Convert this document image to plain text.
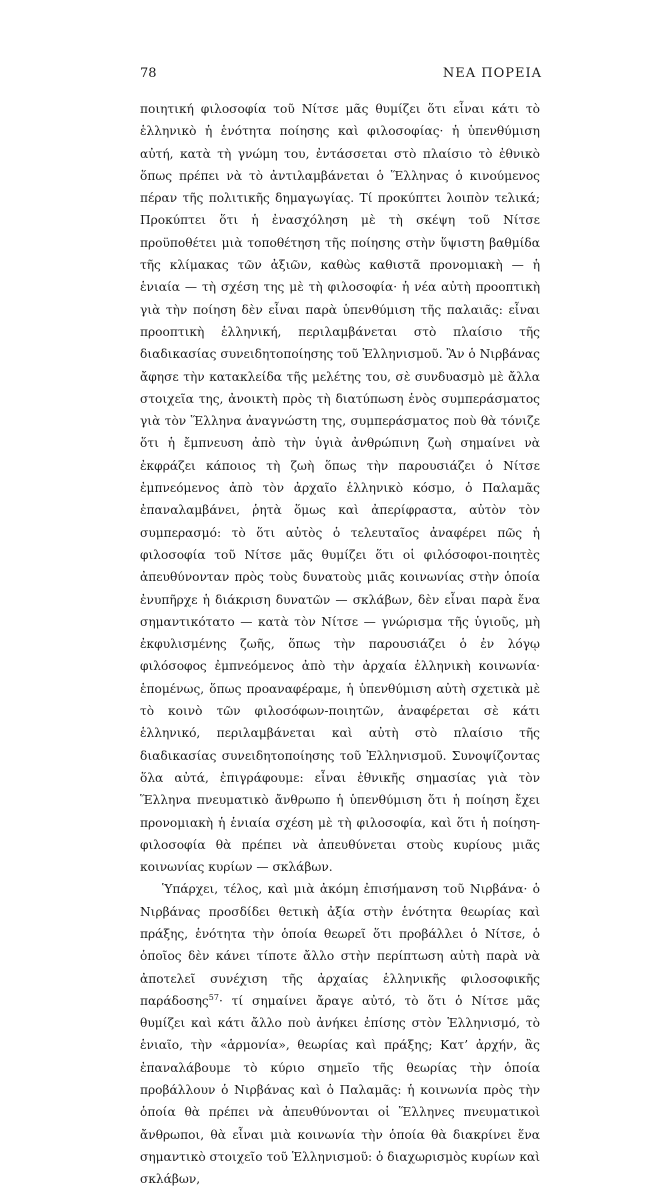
78	ΝΕΑ ΠΟΡΕΙΑ

ποιητική φιλοσοφία τοῦ Νίτσε μᾶς θυμίζει ὅτι εἶναι κάτι τὸ ἑλληνικὸ ἡ ἑνότητα ποίησης καὶ φιλοσοφίας· ἡ ὑπενθύμιση αὐτή, κατὰ τὴ γνώμη του, ἐντάσσεται στὸ πλαίσιο τὸ ἐθνικὸ ὅπως πρέπει νὰ τὸ ἀντιλαμβάνεται ὁ Ἕλληνας ὁ κινούμενος πέραν τῆς πολιτικῆς δημαγωγίας. Τί προκύπτει λοιπὸν τελικά; Προκύπτει ὅτι ἡ ἐνασχόληση μὲ τὴ σκέψη τοῦ Νίτσε προϋποθέτει μιὰ τοποθέτηση τῆς ποίησης στὴν ὕψιστη βαθμίδα τῆς κλίμακας τῶν ἀξιῶν, καθὼς καθιστᾶ προνομιακὴ — ἡ ἑνιαία — τὴ σχέση της μὲ τὴ φιλοσοφία· ἡ νέα αὐτὴ προοπτικὴ γιὰ τὴν ποίηση δὲν εἶναι παρὰ ὑπενθύμιση τῆς παλαιᾶς: εἶναι προοπτικὴ ἑλληνική, περιλαμβάνεται στὸ πλαίσιο τῆς διαδικασίας συνειδητοποίησης τοῦ Ἑλληνισμοῦ. Ἂν ὁ Νιρβάνας ἄφησε τὴν κατακλείδα τῆς μελέτης του, σὲ συνδυασμὸ μὲ ἄλλα στοιχεῖα της, ἀνοικτὴ πρὸς τὴ διατύπωση ἑνὸς συμπεράσματος γιὰ τὸν Ἕλληνα ἀναγνώστη της, συμπεράσματος ποὺ θὰ τόνιζε ὅτι ἡ ἔμπνευση ἀπὸ τὴν ὑγιὰ ἀνθρώπινη ζωὴ σημαίνει νὰ ἐκφράζει κάποιος τὴ ζωὴ ὅπως τὴν παρουσιάζει ὁ Νίτσε ἐμπνεόμενος ἀπὸ τὸν ἀρχαῖο ἑλληνικὸ κόσμο, ὁ Παλαμᾶς ἐπαναλαμβάνει, ῥητὰ ὅμως καὶ ἀπερίφραστα, αὐτὸν τὸν συμπερασμό: τὸ ὅτι αὐτὸς ὁ τελευταῖος ἀναφέρει πῶς ἡ φιλοσοφία τοῦ Νίτσε μᾶς θυμίζει ὅτι οἱ φιλόσοφοι-ποιητὲς ἀπευθύνονταν πρὸς τοὺς δυνατοὺς μιᾶς κοινωνίας στὴν ὁποία ἐνυπῆρχε ἡ διάκριση δυνατῶν — σκλάβων, δὲν εἶναι παρὰ ἕνα σημαντικότατο — κατὰ τὸν Νίτσε — γνώρισμα τῆς ὑγιοῦς, μὴ ἐκφυλισμένης ζωῆς, ὅπως τὴν παρουσιάζει ὁ ἐν λόγῳ φιλόσοφος ἐμπνεόμενος ἀπὸ τὴν ἀρχαία ἑλληνικὴ κοινωνία· ἑπομένως, ὅπως προαναφέραμε, ἡ ὑπενθύμιση αὐτὴ σχετικὰ μὲ τὸ κοινὸ τῶν φιλοσόφων-ποιητῶν, ἀναφέρεται σὲ κάτι ἑλληνικό, περιλαμβάνεται καὶ αὐτὴ στὸ πλαίσιο τῆς διαδικασίας συνειδητοποίησης τοῦ Ἑλληνισμοῦ. Συνοψίζοντας ὅλα αὐτά, ἐπιγράφουμε: εἶναι ἐθνικῆς σημασίας γιὰ τὸν Ἕλληνα πνευματικὸ ἄνθρωπο ἡ ὑπενθύμιση ὅτι ἡ ποίηση ἔχει προνομιακὴ ἡ ἑνιαία σχέση μὲ τὴ φιλοσοφία, καὶ ὅτι ἡ ποίηση-φιλοσοφία θὰ πρέπει νὰ ἀπευθύνεται στοὺς κυρίους μιᾶς κοινωνίας κυρίων — σκλάβων.

Ὑπάρχει, τέλος, καὶ μιὰ ἀκόμη ἐπισήμανση τοῦ Νιρβάνα· ὁ Νιρβάνας προσδίδει θετικὴ ἀξία στὴν ἑνότητα θεωρίας καὶ πράξης, ἑνότητα τὴν ὁποία θεωρεῖ ὅτι προβάλλει ὁ Νίτσε, ὁ ὁποῖος δὲν κάνει τίποτε ἄλλο στὴν περίπτωση αὐτὴ παρὰ νὰ ἀποτελεῖ συνέχιση τῆς ἀρχαίας ἑλληνικῆς φιλοσοφικῆς παράδοσης$^{57}$· τί σημαίνει ἄραγε αὐτό, τὸ ὅτι ὁ Νίτσε μᾶς θυμίζει καὶ κάτι ἄλλο ποὺ ἀνήκει ἐπίσης στὸν Ἑλληνισμό, τὸ ἑνιαῖο, τὴν «ἁρμονία», θεωρίας καὶ πράξης; Κατ’ ἀρχήν, ἂς ἐπαναλάβουμε τὸ κύριο σημεῖο τῆς θεωρίας τὴν ὁποία προβάλλουν ὁ Νιρβάνας καὶ ὁ Παλαμᾶς: ἡ κοινωνία πρὸς τὴν ὁποία θὰ πρέπει νὰ ἀπευθύνονται οἱ Ἕλληνες πνευματικοὶ ἄνθρωποι, θὰ εἶναι μιὰ κοινωνία τὴν ὁποία θὰ διακρίνει ἕνα σημαντικὸ στοιχεῖο τοῦ Ἑλληνισμοῦ: ὁ διαχωρισμὸς κυρίων καὶ σκλάβων,
